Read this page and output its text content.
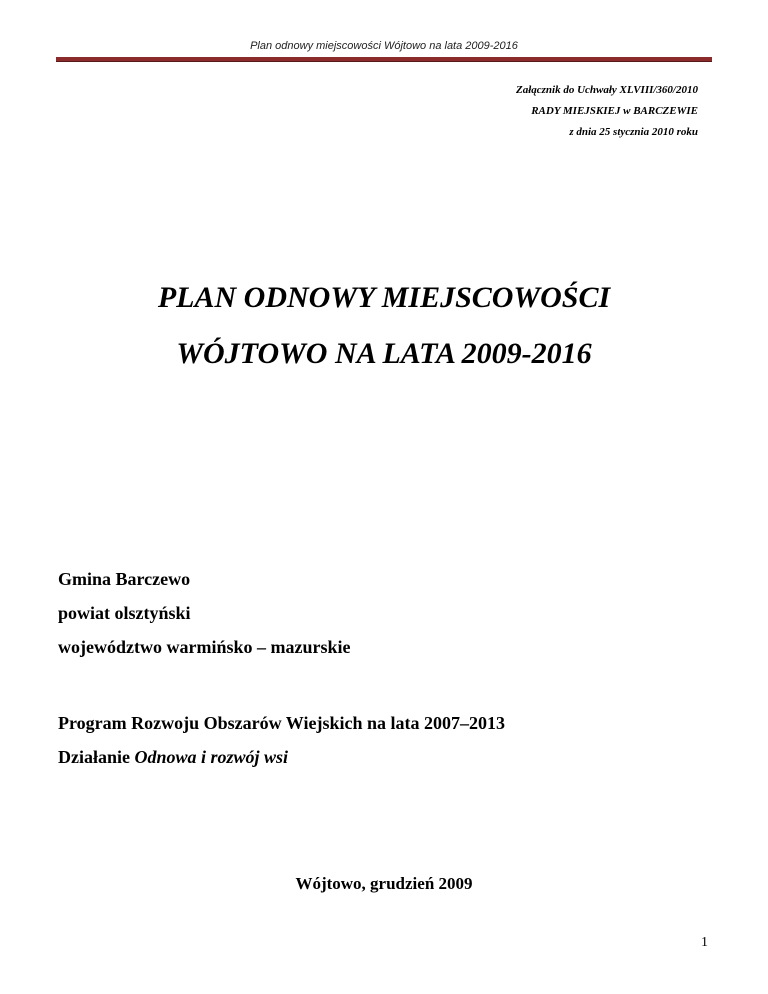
Plan odnowy miejscowości Wójtowo na lata 2009-2016
Załącznik do Uchwały XLVIII/360/2010
RADY MIEJSKIEJ w BARCZEWIE
z dnia 25 stycznia 2010 roku
PLAN ODNOWY MIEJSCOWOŚCI
WÓJTOWO NA LATA 2009-2016
Gmina Barczewo
powiat olsztyński
województwo warmińsko – mazurskie
Program Rozwoju Obszarów Wiejskich na lata 2007–2013
Działanie Odnowa i rozwój wsi
Wójtowo, grudzień 2009
1
